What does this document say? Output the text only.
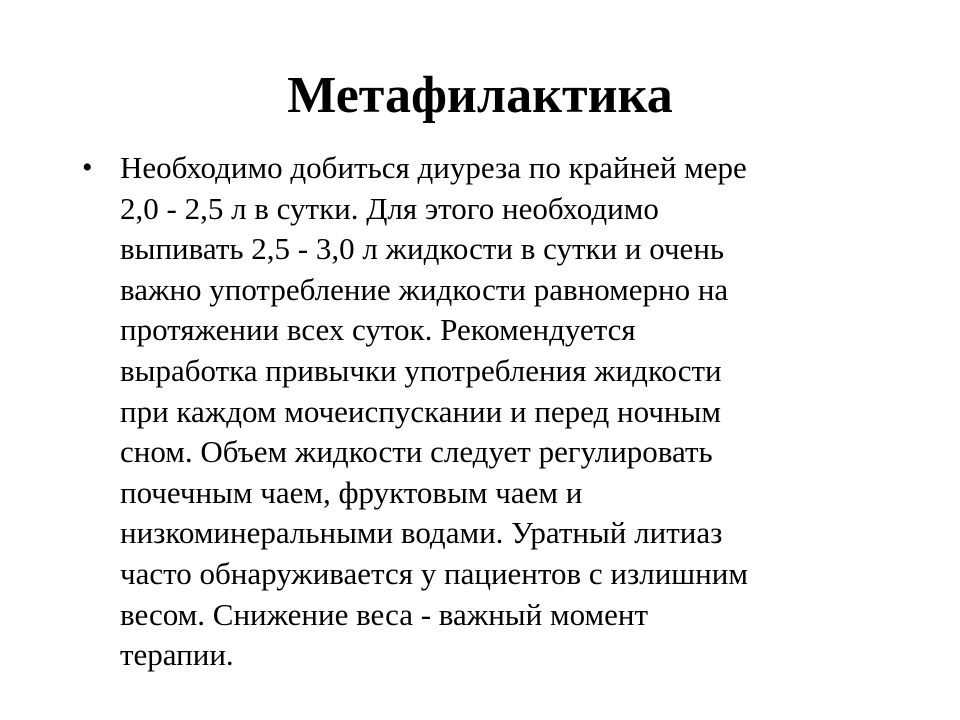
Метафилактика
• Необходимо добиться диуреза по крайней мере
2,0 - 2,5 л в сутки. Для этого необходимо
выпивать 2,5 - 3,0 л жидкости в сутки и очень
важно употребление жидкости равномерно на
протяжении всех суток. Рекомендуется
выработка привычки употребления жидкости
при каждом мочеиспускании и перед ночным
сном. Объем жидкости следует регулировать
почечным чаем, фруктовым чаем и
низкоминеральными водами. Уратный литиаз
часто обнаруживается у пациентов с излишним
весом. Снижение веса - важный момент
терапии.
